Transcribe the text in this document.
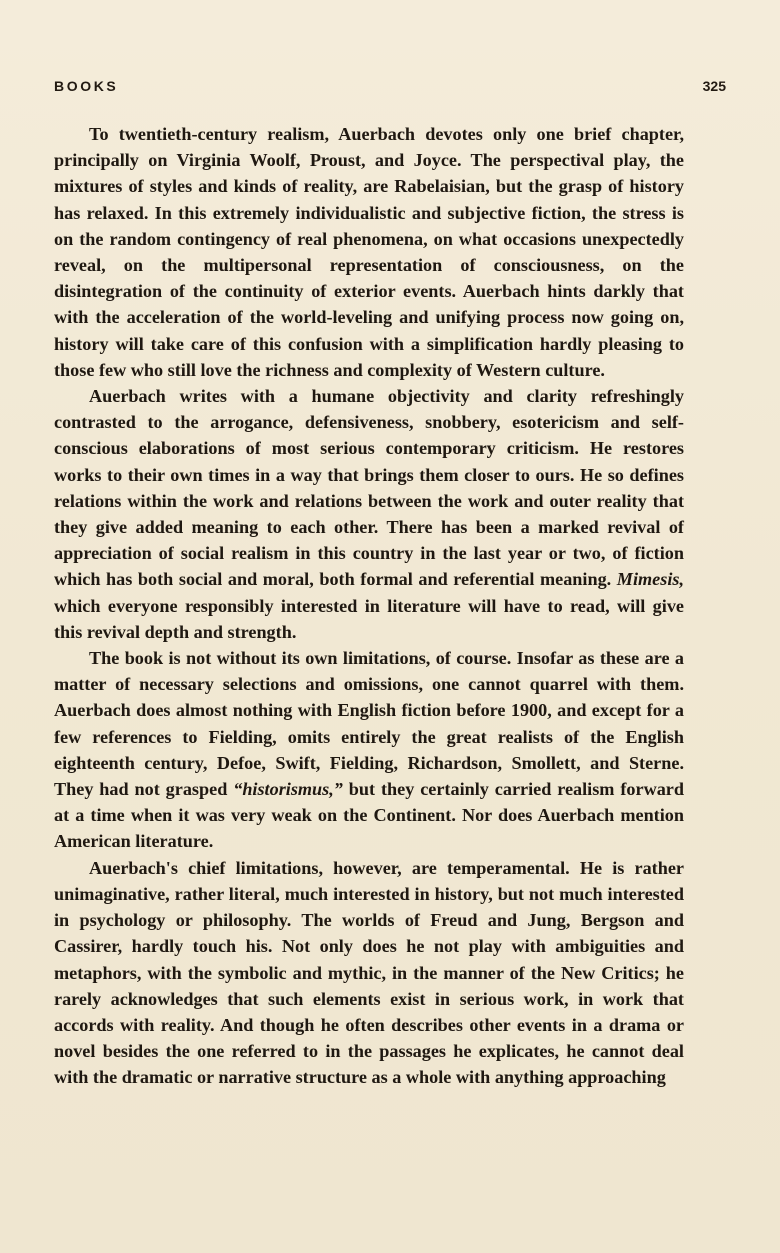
BOOKS	325

To twentieth-century realism, Auerbach devotes only one brief chapter, principally on Virginia Woolf, Proust, and Joyce. The perspectival play, the mixtures of styles and kinds of reality, are Rabelaisian, but the grasp of history has relaxed. In this extremely individualistic and subjective fiction, the stress is on the random contingency of real phenomena, on what occasions unexpectedly reveal, on the multipersonal representation of consciousness, on the disintegration of the continuity of exterior events. Auerbach hints darkly that with the acceleration of the world-leveling and unifying process now going on, history will take care of this confusion with a simplification hardly pleasing to those few who still love the richness and complexity of Western culture.

Auerbach writes with a humane objectivity and clarity refreshingly contrasted to the arrogance, defensiveness, snobbery, esotericism and self-conscious elaborations of most serious contemporary criticism. He restores works to their own times in a way that brings them closer to ours. He so defines relations within the work and relations between the work and outer reality that they give added meaning to each other. There has been a marked revival of appreciation of social realism in this country in the last year or two, of fiction which has both social and moral, both formal and referential meaning. Mimesis, which everyone responsibly interested in literature will have to read, will give this revival depth and strength.

The book is not without its own limitations, of course. Insofar as these are a matter of necessary selections and omissions, one cannot quarrel with them. Auerbach does almost nothing with English fiction before 1900, and except for a few references to Fielding, omits entirely the great realists of the English eighteenth century, Defoe, Swift, Fielding, Richardson, Smollett, and Sterne. They had not grasped “historismus,” but they certainly carried realism forward at a time when it was very weak on the Continent. Nor does Auerbach mention American literature.

Auerbach's chief limitations, however, are temperamental. He is rather unimaginative, rather literal, much interested in history, but not much interested in psychology or philosophy. The worlds of Freud and Jung, Bergson and Cassirer, hardly touch his. Not only does he not play with ambiguities and metaphors, with the symbolic and mythic, in the manner of the New Critics; he rarely acknowledges that such elements exist in serious work, in work that accords with reality. And though he often describes other events in a drama or novel besides the one referred to in the passages he explicates, he cannot deal with the dramatic or narrative structure as a whole with anything approaching
